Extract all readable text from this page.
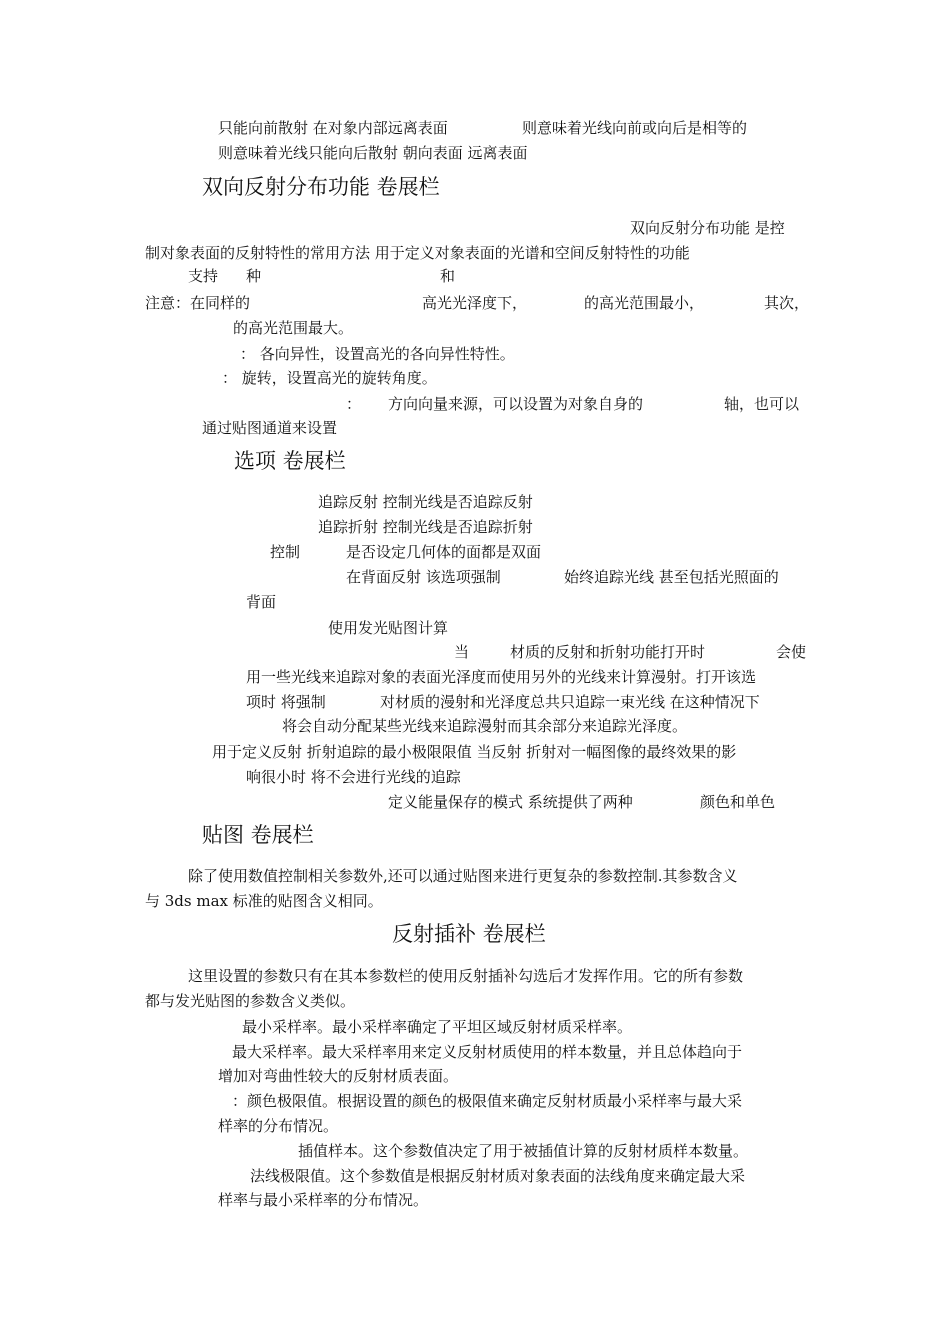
只能向前散射 在对象内部远离表面	则意味着光线向前或向后是相等的
则意味着光线只能向后散射 朝向表面 远离表面
双向反射分布功能 卷展栏
双向反射分布功能 是控
制对象表面的反射特性的常用方法 用于定义对象表面的光谱和空间反射特性的功能
支持 种	和
注意：在同样的	高光光泽度下，	的高光范围最小，	其次，
的高光范围最大。
： 各向异性，设置高光的各向异性特性。
： 旋转，设置高光的旋转角度。
： 方向向量来源，可以设置为对象自身的	轴，也可以
通过贴图通道来设置
选项 卷展栏
追踪反射 控制光线是否追踪反射
追踪折射 控制光线是否追踪折射
控制	是否设定几何体的面都是双面
在背面反射 该选项强制	始终追踪光线 甚至包括光照面的
背面
使用发光贴图计算
当	材质的反射和折射功能打开时	会使
用一些光线来追踪对象的表面光泽度而使用另外的光线来计算漫射。打开该选
项时 将强制	对材质的漫射和光泽度总共只追踪一束光线 在这种情况下
将会自动分配某些光线来追踪漫射而其余部分来追踪光泽度。
用于定义反射 折射追踪的最小极限限值 当反射 折射对一幅图像的最终效果的影
响很小时 将不会进行光线的追踪
定义能量保存的模式 系统提供了两种	颜色和单色
贴图 卷展栏
除了使用数值控制相关参数外,还可以通过贴图来进行更复杂的参数控制.其参数含义
与 3ds max 标准的贴图含义相同。
反射插补 卷展栏
这里设置的参数只有在其本参数栏的使用反射插补勾选后才发挥作用。它的所有参数
都与发光贴图的参数含义类似。
最小采样率。最小采样率确定了平坦区域反射材质采样率。
最大采样率。最大采样率用来定义反射材质使用的样本数量，并且总体趋向于
增加对弯曲性较大的反射材质表面。
：颜色极限值。根据设置的颜色的极限值来确定反射材质最小采样率与最大采
样率的分布情况。
插值样本。这个参数值决定了用于被插值计算的反射材质样本数量。
法线极限值。这个参数值是根据反射材质对象表面的法线角度来确定最大采
样率与最小采样率的分布情况。
